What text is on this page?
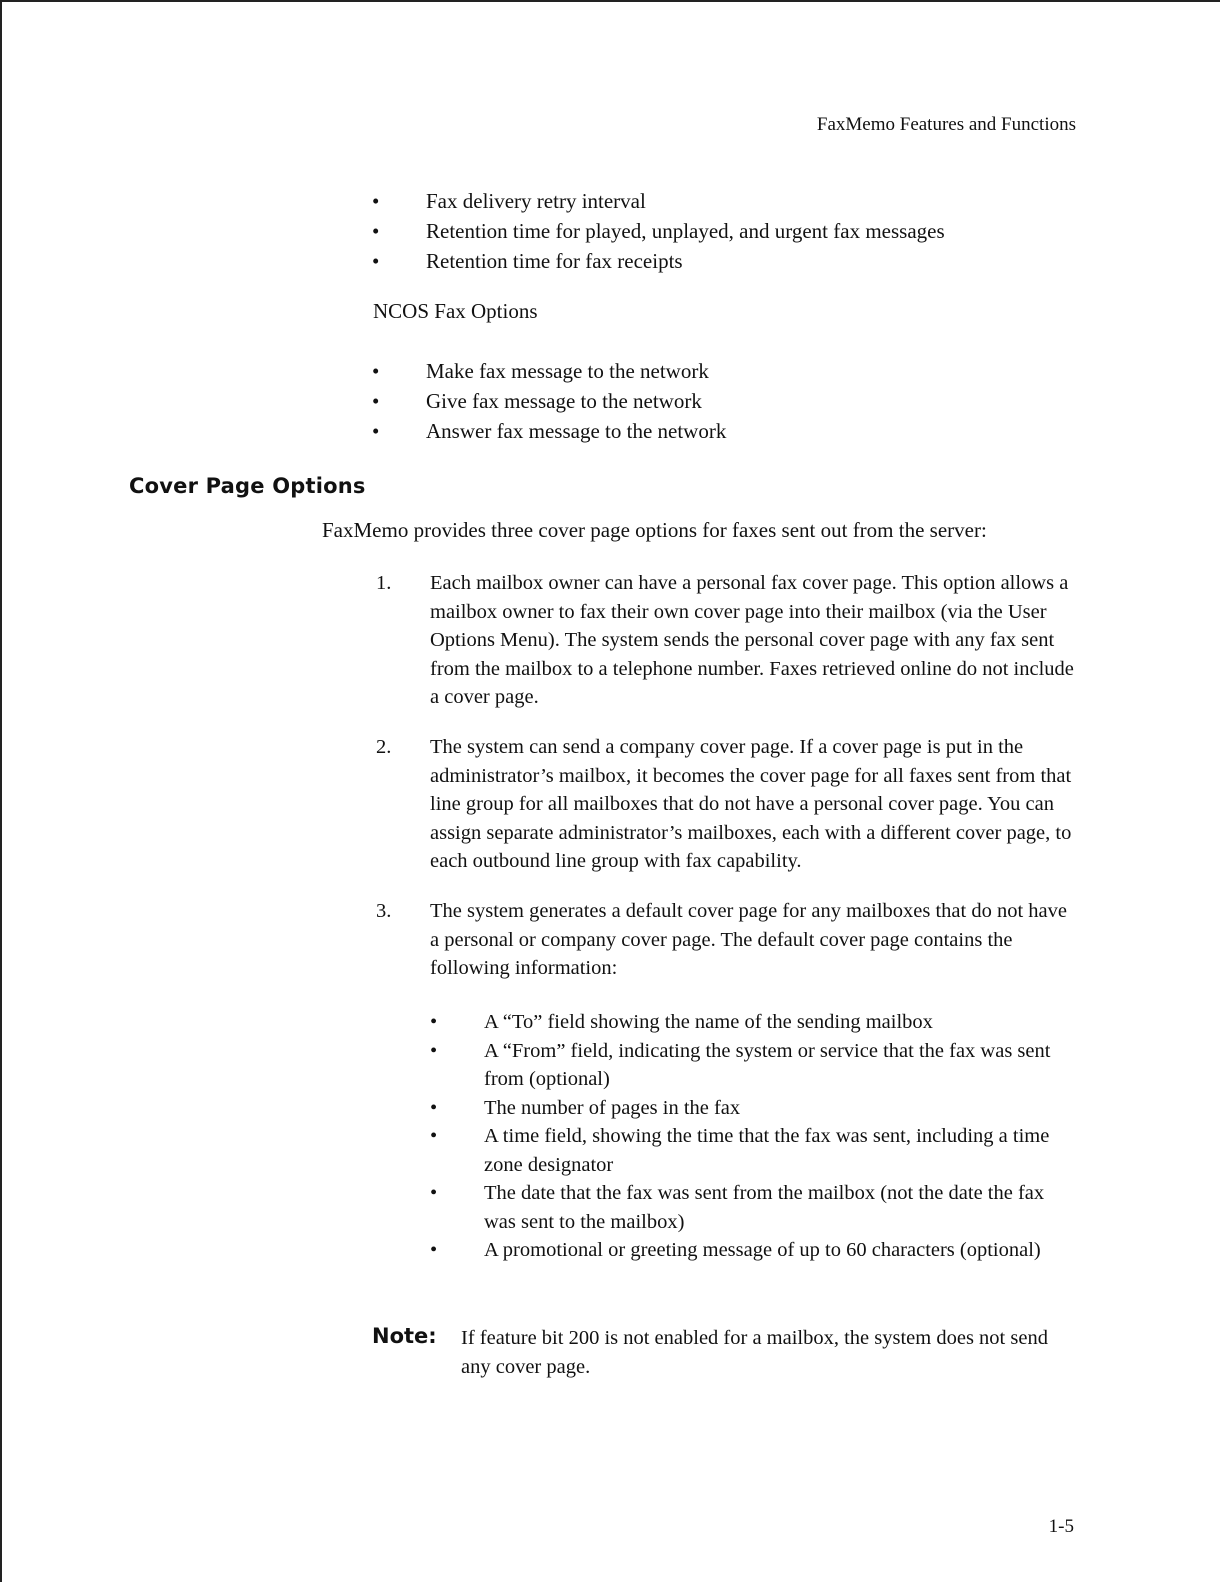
FaxMemo Features and Functions
• Fax delivery retry interval
• Retention time for played, unplayed, and urgent fax messages
• Retention time for fax receipts
NCOS Fax Options
• Make fax message to the network
• Give fax message to the network
• Answer fax message to the network
Cover Page Options
FaxMemo provides three cover page options for faxes sent out from the server:
1. Each mailbox owner can have a personal fax cover page. This option allows a mailbox owner to fax their own cover page into their mailbox (via the User Options Menu). The system sends the personal cover page with any fax sent from the mailbox to a telephone number. Faxes retrieved online do not include a cover page.
2. The system can send a company cover page. If a cover page is put in the administrator’s mailbox, it becomes the cover page for all faxes sent from that line group for all mailboxes that do not have a personal cover page. You can assign separate administrator’s mailboxes, each with a different cover page, to each outbound line group with fax capability.
3. The system generates a default cover page for any mailboxes that do not have a personal or company cover page. The default cover page contains the following information:
• A “To” field showing the name of the sending mailbox
• A “From” field, indicating the system or service that the fax was sent from (optional)
• The number of pages in the fax
• A time field, showing the time that the fax was sent, including a time zone designator
• The date that the fax was sent from the mailbox (not the date the fax was sent to the mailbox)
• A promotional or greeting message of up to 60 characters (optional)
Note: If feature bit 200 is not enabled for a mailbox, the system does not send any cover page.
1-5
